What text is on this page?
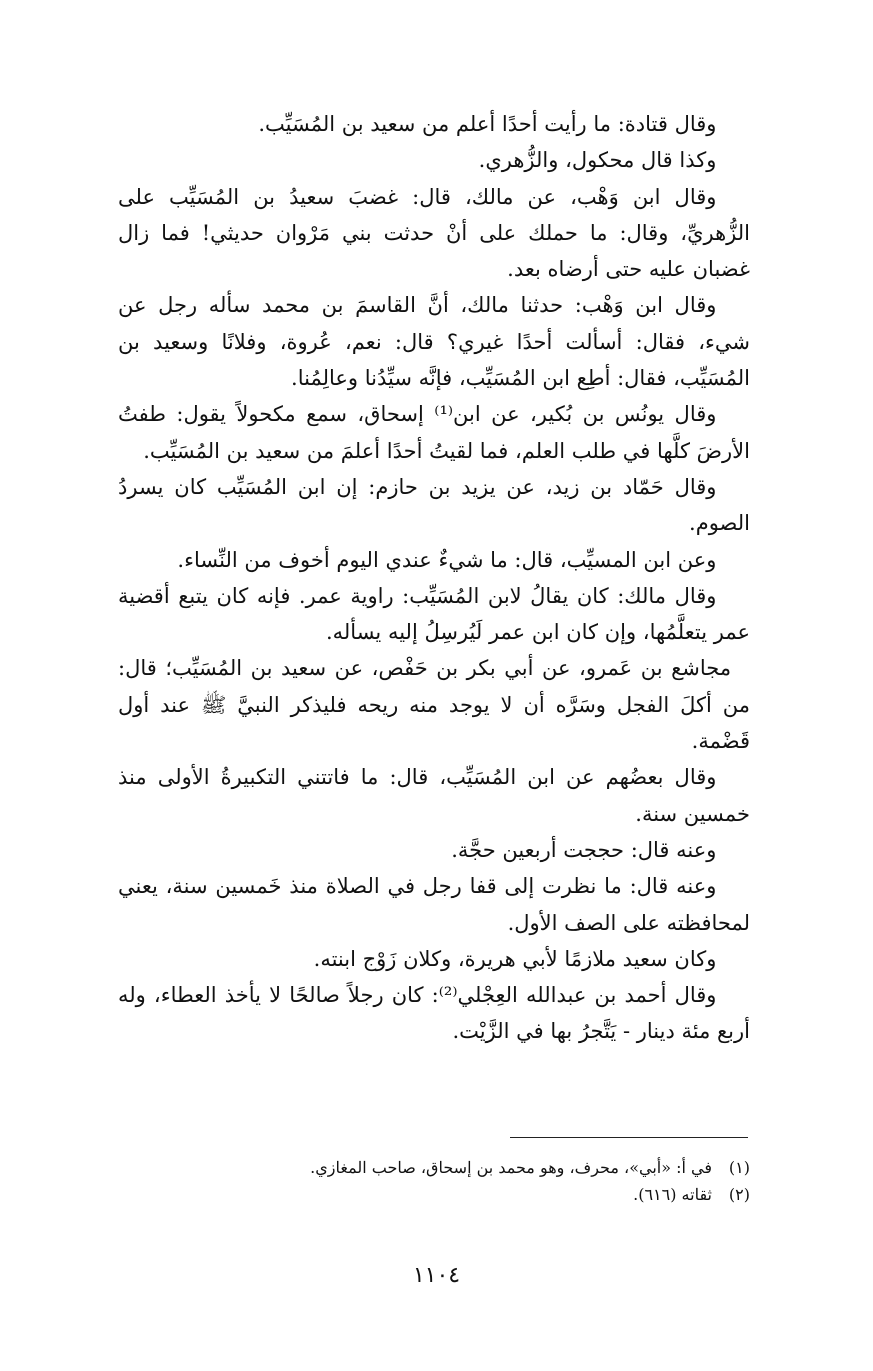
وقال قتادة: ما رأيت أحدًا أعلم من سعيد بن المُسَيِّب.

وكذا قال محكول، والزُّهري.

وقال ابن وَهْب، عن مالك، قال: غضبَ سعيدُ بن المُسَيِّب على الزُّهريِّ، وقال: ما حملك على أنْ حدثت بني مَرْوان حديثي! فما زال غضبان عليه حتى أرضاه بعد.

وقال ابن وَهْب: حدثنا مالك، أنَّ القاسمَ بن محمد سأله رجل عن شيء، فقال: أسألت أحدًا غيري؟ قال: نعم، عُروة، وفلانًا وسعيد بن المُسَيِّب، فقال: أطِع ابن المُسَيِّب، فإنَّه سيِّدُنا وعالِمُنا.

وقال يونُس بن بُكير، عن ابن⁽¹⁾ إسحاق، سمع مكحولاً يقول: طفتُ الأرضَ كلَّها في طلب العلم، فما لقيتُ أحدًا أعلمَ من سعيد بن المُسَيِّب.

وقال حَمّاد بن زيد، عن يزيد بن حازم: إن ابن المُسَيِّب كان يسردُ الصوم.

وعن ابن المسيِّب، قال: ما شيءٌ عندي اليوم أخوف من النِّساء.

وقال مالك: كان يقالُ لابن المُسَيِّب: راوية عمر. فإنه كان يتبع أقضية عمر يتعلَّمُها، وإن كان ابن عمر لَيُرسِلُ إليه يسأله.

مجاشع بن عَمرو، عن أبي بكر بن حَفْص، عن سعيد بن المُسَيِّب؛ قال: من أكلَ الفجل وسَرَّه أن لا يوجد منه ريحه فليذكر النبيَّ ﷺ عند أول قَضْمة.

وقال بعضُهم عن ابن المُسَيِّب، قال: ما فاتتني التكبيرةُ الأولى منذ خمسين سنة.

وعنه قال: حججت أربعين حجَّة.

وعنه قال: ما نظرت إلى قفا رجل في الصلاة منذ خَمسين سنة، يعني لمحافظته على الصف الأول.

وكان سعيد ملازمًا لأبي هريرة، وكلان زَوْج ابنته.

وقال أحمد بن عبدالله العِجْلي⁽²⁾: كان رجلاً صالحًا لا يأخذ العطاء، وله أربع مئة دينار - يَتَّجرُ بها في الزَّيْت.

(١)
في أ: «أبي»، محرف، وهو محمد بن إسحاق، صاحب المغازي.
(٢)
ثقاته (٦١٦).
١١٠٤
